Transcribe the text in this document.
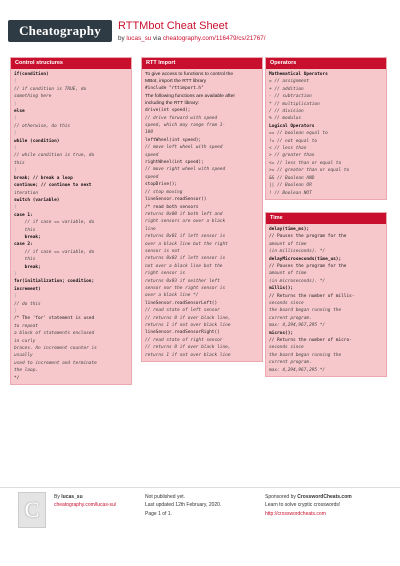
Cheatography RTTMbot Cheat Sheet
by lucas_su via cheatography.com/116479/cs/21767/
Control structures
if(condition)
{
// if condition is TRUE, do
something here
}
else
{
// otherwise, do this
}
while (condition)
{
// while condition is true, do
this
}
break; // break a loop
continue; // continue to next
iteration
switch (variable)
{
case 1:
// if case == variable, do
this
break;
case 2:
// if case == variable, do
this
break;
}
for(initialization; condition;
increment)
{
// do this
}
/* The 'for' statement is used
to repeat
a block of statements enclosed
in curly
braces. An increment counter is
usually
used to increment and terminate
the loop.
*/
RTT Import
To give access to functions to control the
MBot, import the RTT library
#include "rttimport.h"
The following functions are available after
including the RTT library:
drive(int speed);
// drive forward with speed
speed, which may range from 1-
100
leftWheel(int speed);
// move left wheel with speed
speed
rightWheel(int speed);
// move right wheel with speed
speed
stopDrive();
// stop moving
lineSensor.readSensor()
/* read both sensors
returns 0x00 if both left and
right sensors are over a black
line
returns 0x01 if left sensor is
over a black line but the right
sensor is not
returns 0x02 if left sensor is
not over a black line but the
right sensor is
returns 0x03 if neither left
sensor nor the right sensor is
over a black line */
lineSensor.readSensorLeft()
// read state of left sensor
// returns 0 if over black line,
returns 1 if not over black line
lineSensor.readSensorRight()
// read state of right sensor
// returns 0 if over black line,
returns 1 if not over black line
Operators
Mathematical Operators
= // assignment
+ // addition
- // subtraction
* // multiplication
/ // division
% // modulus
Logical Operators
== // boolean equal to
!= // not equal to
< // less than
> // greater than
<= // less than or equal to
>= // greater than or equal to
&& // Boolean AND
|| // Boolean OR
! // Boolean NOT
Time
delay(time_ms);
// Pauses the program for the
amount of time
(in milliseconds). */
delayMicroseconds(time_us);
// Pauses the program for the
amount of time
(in microseconds). */
millis();
// Returns the number of millis-
seconds since
the board began running the
current program.
max: 4,294,967,295 */
micros();
// Returns the number of micro-
seconds since
the board began running the
current program.
max: 4,294,967,295 */
C	By lucas_su
cheatography.com/lucas-su/
Not published yet.
Last updated 12th February, 2020.
Page 1 of 1.
Sponsored by CrosswordCheats.com
Learn to solve cryptic crosswords!
http://crosswordcheats.com
